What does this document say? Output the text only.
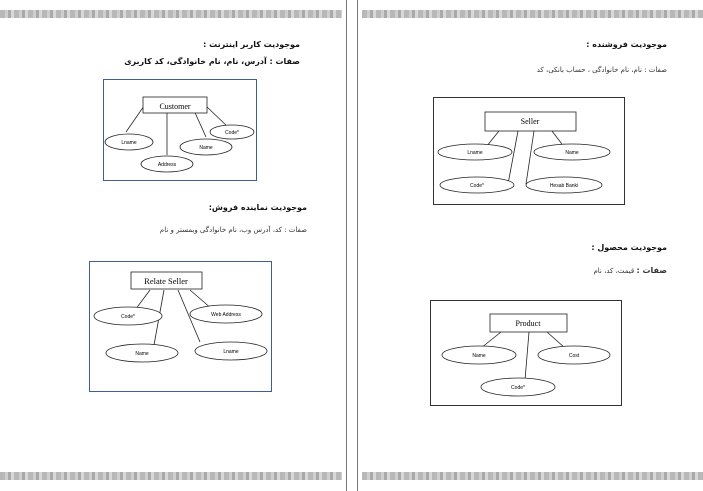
موجودیت کاربر اینترنت :
صفات : آدرس، نام، نام خانوادگی، کد کاربری
Customer
Lname
Name
Code*
Address
موجودیت نماینده فروش:
صفات : کد، آدرس وب، نام خانوادگی وبمستر و نام
Relate Seller
Code*	Web Address
Name	Lname
موجودیت فروشنده :
صفات : نام، نام خانوادگی ، حساب بانکی، کد
Seller
Lname	Name
Code*	Hesab Banki
موجودیت محصول :
صفات : قیمت، کد، نام
Product
Name	Cost
Code*
